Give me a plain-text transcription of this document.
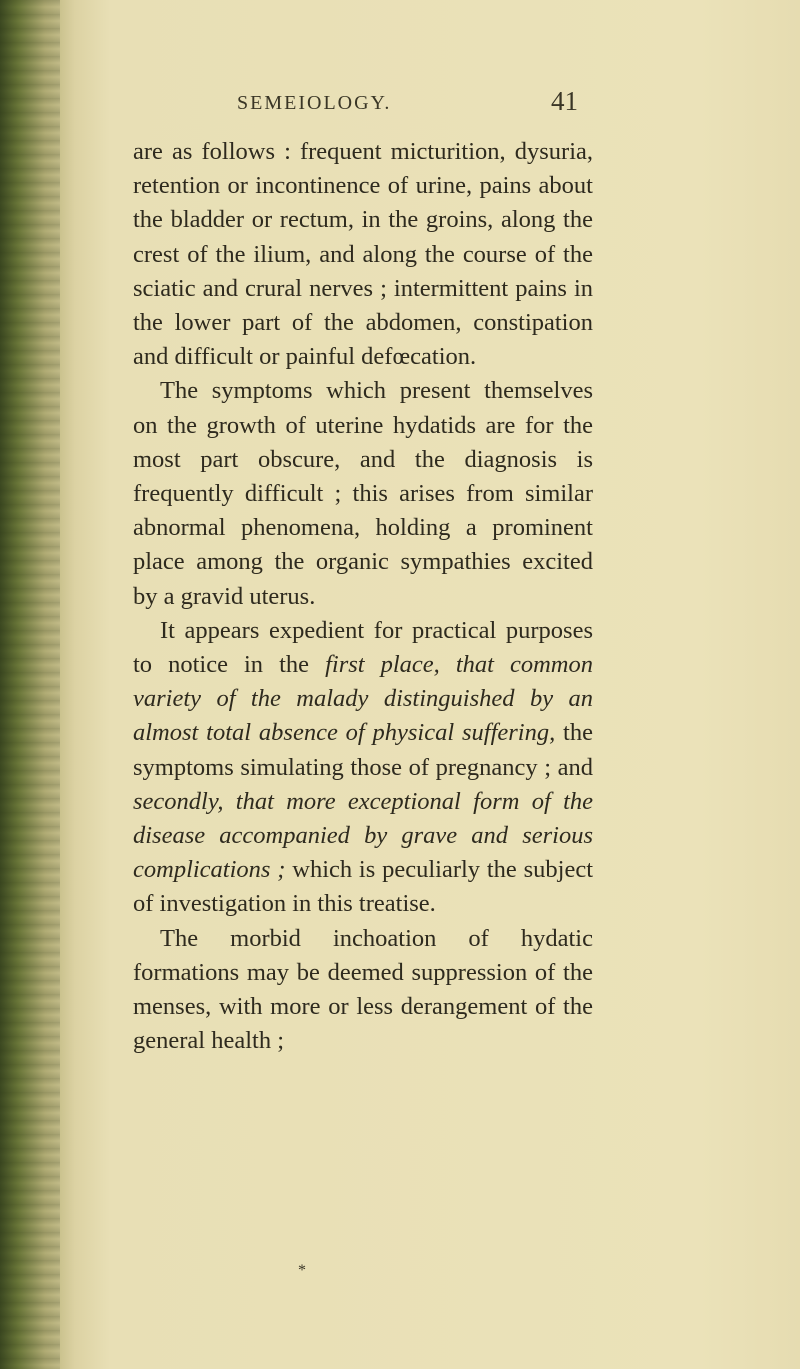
SEMEIOLOGY.	41

are as follows : frequent micturition, dysuria, retention or incontinence of urine, pains about the bladder or rectum, in the groins, along the crest of the ilium, and along the course of the sciatic and crural nerves ; intermittent pains in the lower part of the abdomen, constipation and difficult or painful defœcation.

The symptoms which present themselves on the growth of uterine hydatids are for the most part obscure, and the diagnosis is frequently difficult ; this arises from similar abnormal phenomena, holding a prominent place among the organic sympathies excited by a gravid uterus.

It appears expedient for practical purposes to notice in the first place, that common variety of the malady distinguished by an almost total absence of physical suffering, the symptoms simulating those of pregnancy ; and secondly, that more exceptional form of the disease accompanied by grave and serious complications ; which is peculiarly the subject of investigation in this treatise.

The morbid inchoation of hydatic formations may be deemed suppression of the menses, with more or less derangement of the general health ;

*
